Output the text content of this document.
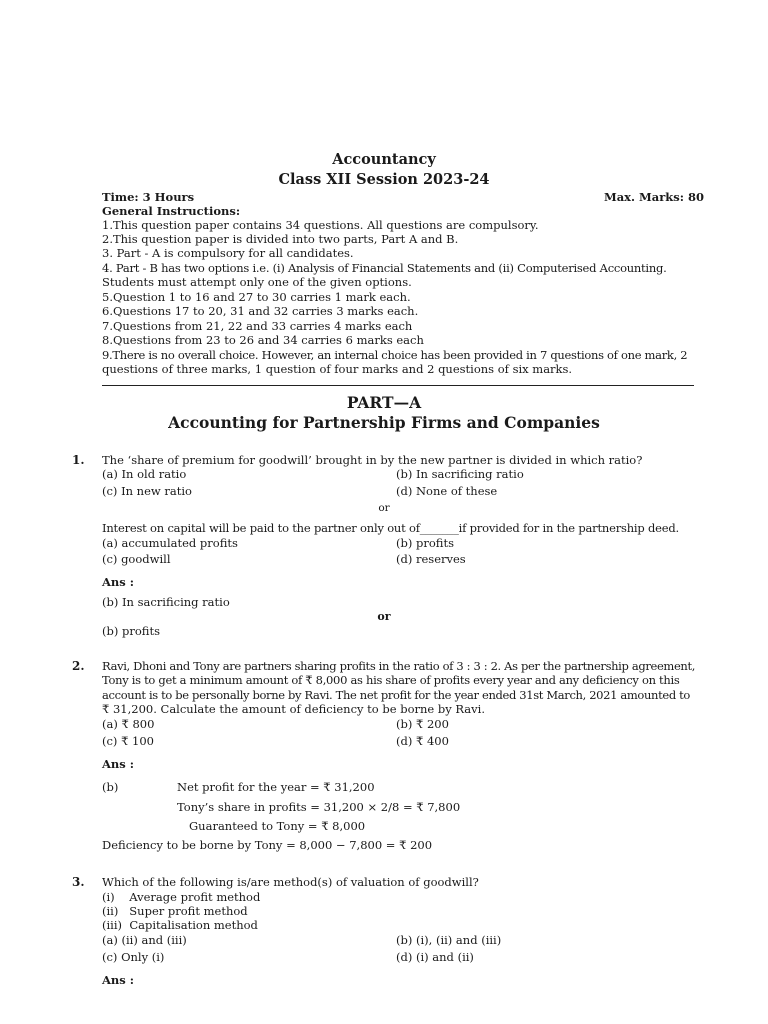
Accountancy
Class XII Session 2023-24
Time: 3 Hours	Max. Marks: 80
General Instructions:
1.This question paper contains 34 questions. All questions are compulsory.
2.This question paper is divided into two parts, Part A and B.
3. Part - A is compulsory for all candidates.
4. Part - B has two options i.e. (i) Analysis of Financial Statements and (ii) Computerised Accounting.
Students must attempt only one of the given options.
5.Question 1 to 16 and 27 to 30 carries 1 mark each.
6.Questions 17 to 20, 31 and 32 carries 3 marks each.
7.Questions from 21, 22 and 33 carries 4 marks each
8.Questions from 23 to 26 and 34 carries 6 marks each
9.There is no overall choice. However, an internal choice has been provided in 7 questions of one mark, 2
questions of three marks, 1 question of four marks and 2 questions of six marks.
PART—A
Accounting for Partnership Firms and Companies
1. The ‘share of premium for goodwill’ brought in by the new partner is divided in which ratio?
(a) In old ratio	(b) In sacrificing ratio
(c) In new ratio	(d) None of these
or
Interest on capital will be paid to the partner only out of_______if provided for in the partnership deed.
(a) accumulated profits	(b) profits
(c) goodwill	(d) reserves
Ans :
(b) In sacrificing ratio
or
(b) profits
2. Ravi, Dhoni and Tony are partners sharing profits in the ratio of 3 : 3 : 2. As per the partnership agreement,
Tony is to get a minimum amount of ₹ 8,000 as his share of profits every year and any deficiency on this
account is to be personally borne by Ravi. The net profit for the year ended 31st March, 2021 amounted to
₹ 31,200. Calculate the amount of deficiency to be borne by Ravi.
(a) ₹ 800	(b) ₹ 200
(c) ₹ 100	(d) ₹ 400
Ans :
(b)	Net profit for the year = ₹ 31,200
Tony’s share in profits = 31,200 × 2/8 = ₹ 7,800
Guaranteed to Tony = ₹ 8,000
Deficiency to be borne by Tony = 8,000 − 7,800 = ₹ 200
3. Which of the following is/are method(s) of valuation of goodwill?
(i)    Average profit method
(ii)   Super profit method
(iii)  Capitalisation method
(a) (ii) and (iii)	(b) (i), (ii) and (iii)
(c) Only (i)	(d) (i) and (ii)
Ans :
